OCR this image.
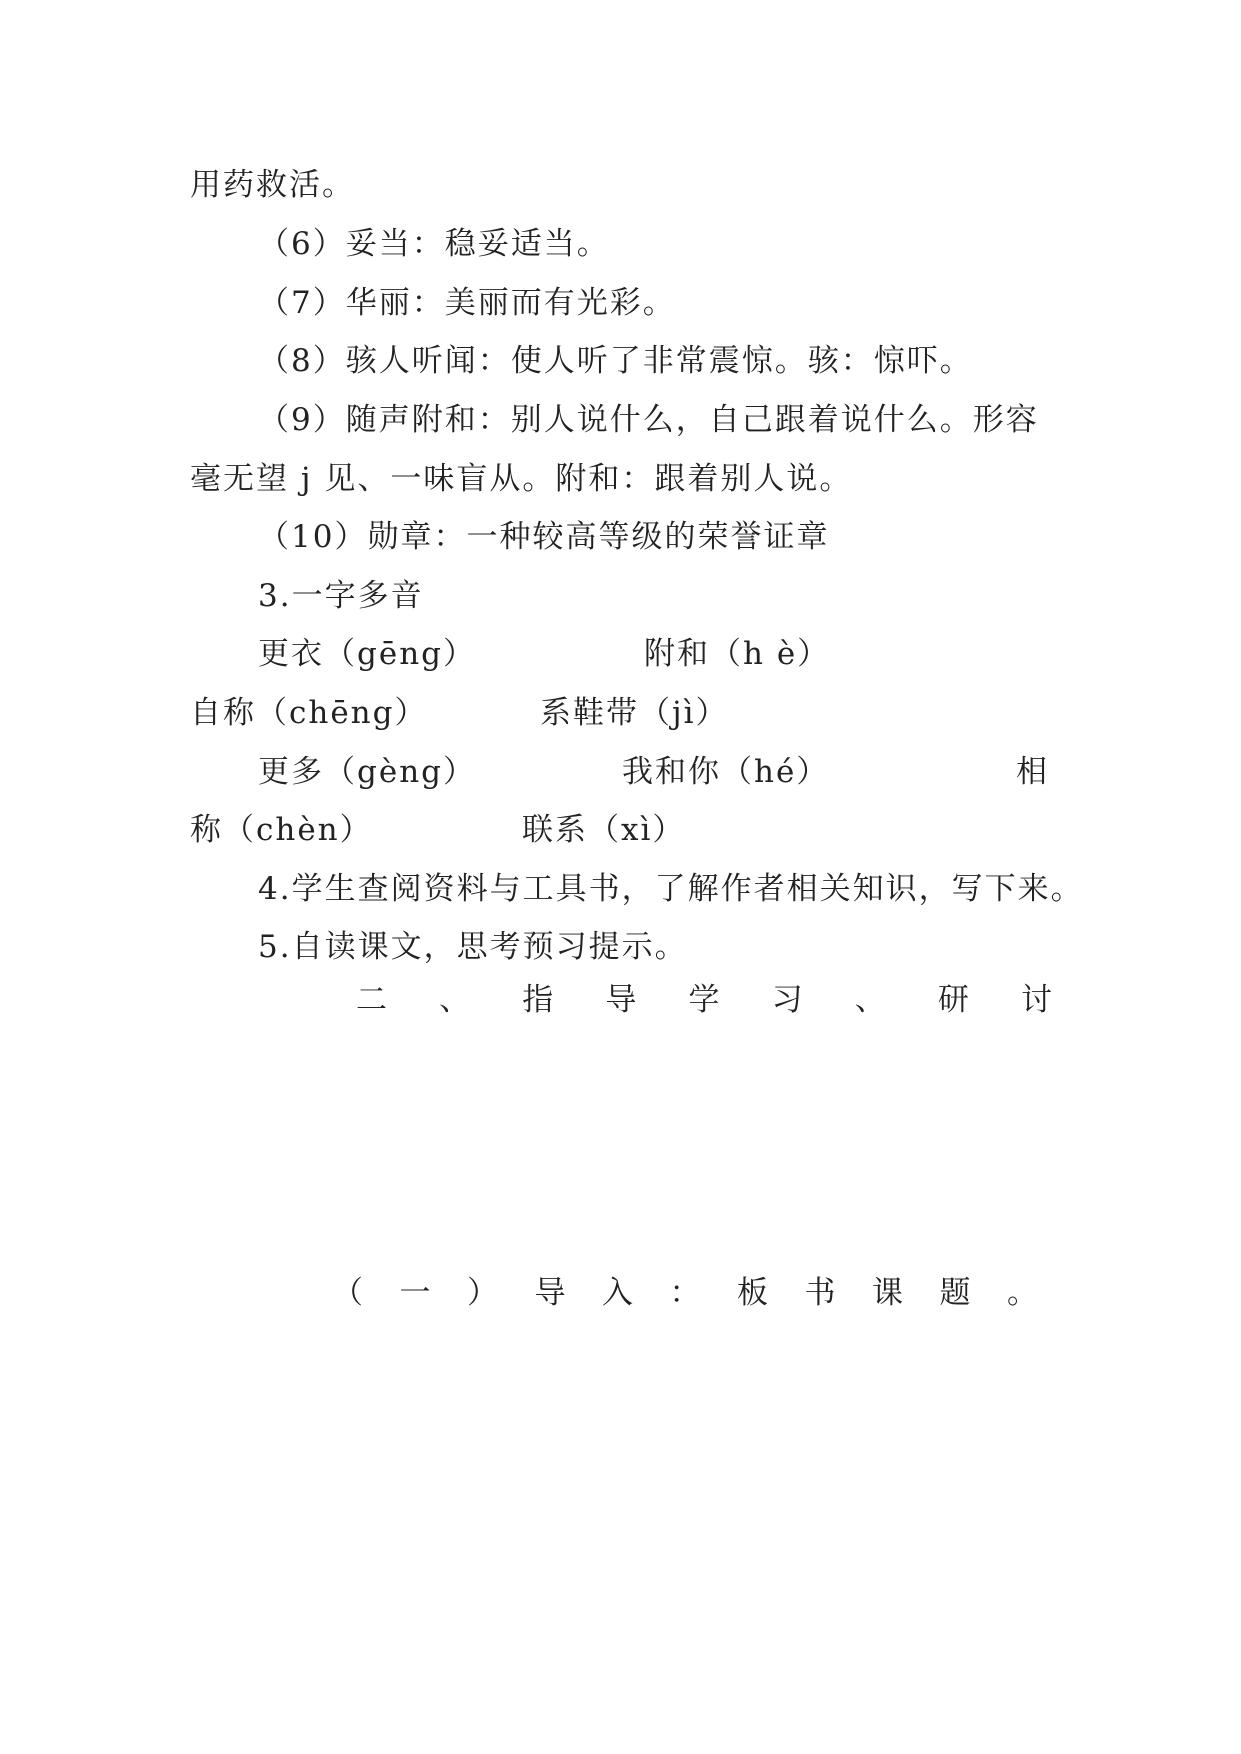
用药救活。
（6）妥当：稳妥适当。
（7）华丽：美丽而有光彩。
（8）骇人听闻：使人听了非常震惊。骇：惊吓。
（9）随声附和：别人说什么，自己跟着说什么。形容
毫无望 j 见、一味盲从。附和：跟着别人说。
（10）勋章：一种较高等级的荣誉证章
3.一字多音
更衣（gēng）	附和（h è）
自称（chēng）	系鞋带（jì）
更多（gèng）	我和你（hé）	相
称（chèn）	联系（xì）
4.学生查阅资料与工具书，了解作者相关知识，写下来。
5.自读课文，思考预习提示。
二 、 指 导 学 习 、 研 讨
（ 一 ） 导 入 ： 板 书 课 题 。
